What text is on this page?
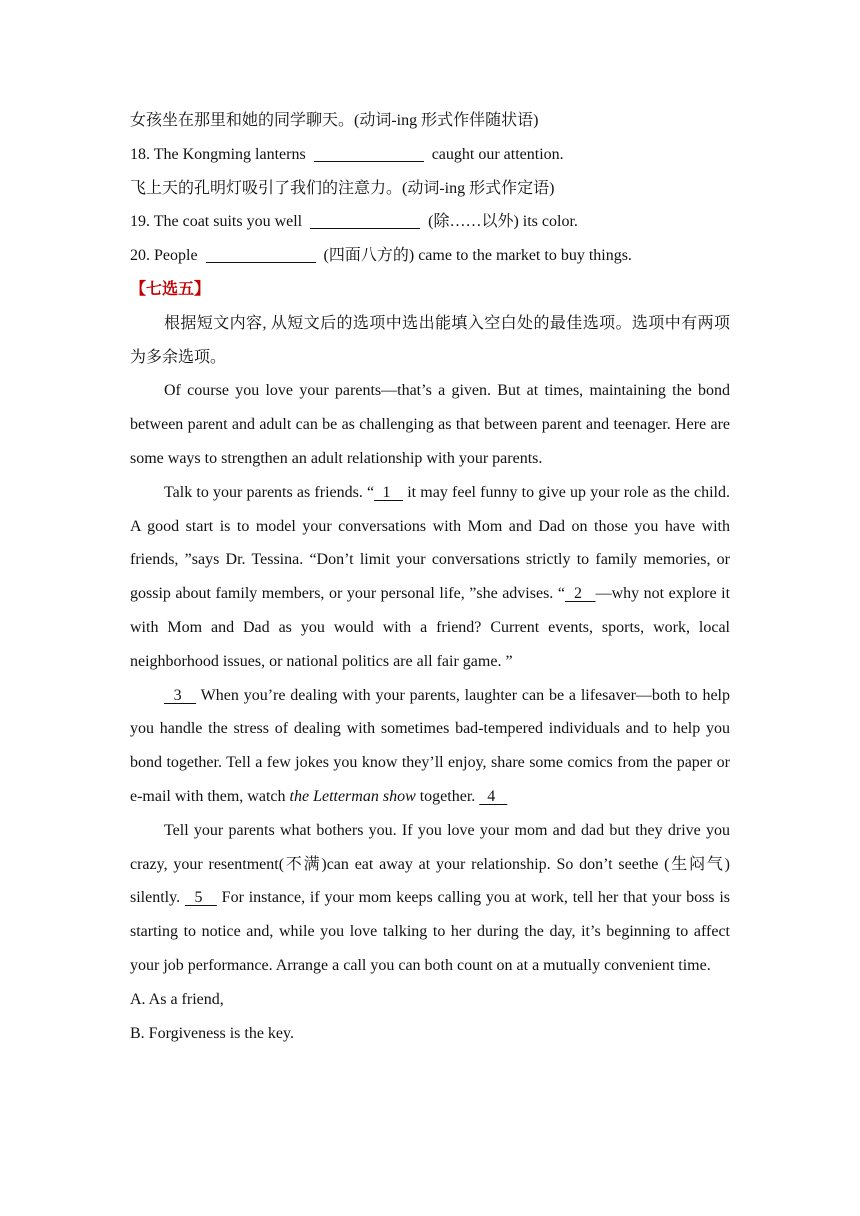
女孩坐在那里和她的同学聊天。(动词-ing 形式作伴随状语)
18. The Kongming lanterns	caught our attention.
飞上天的孔明灯吸引了我们的注意力。(动词-ing 形式作定语)
19. The coat suits you well	(除……以外) its color.
20. People	(四面八方的) came to the market to buy things.
【七选五】
根据短文内容, 从短文后的选项中选出能填入空白处的最佳选项。选项中有两项为多余选项。
Of course you love your parents—that’s a given. But at times, maintaining the bond between parent and adult can be as challenging as that between parent and teenager. Here are some ways to strengthen an adult relationship with your parents.
Talk to your parents as friends. “  1    it may feel funny to give up your role as the child. A good start is to model your conversations with Mom and Dad on those you have with friends, ”says Dr. Tessina. “Don’t limit your conversations strictly to family memories, or gossip about family members, or your personal life, ”she advises. “  2   —why not explore it with Mom and Dad as you would with a friend? Current events, sports, work, local neighborhood issues, or national politics are all fair game. ”
3    When you’re dealing with your parents, laughter can be a lifesaver—both to help you handle the stress of dealing with sometimes bad-tempered individuals and to help you bond together. Tell a few jokes you know they’ll enjoy, share some comics from the paper or e-mail with them, watch the Letterman show together.   4
Tell your parents what bothers you. If you love your mom and dad but they drive you crazy, your resentment(不满)can eat away at your relationship. So don’t seethe (生闷气) silently.   5    For instance, if your mom keeps calling you at work, tell her that your boss is starting to notice and, while you love talking to her during the day, it’s beginning to affect your job performance. Arrange a call you can both count on at a mutually convenient time.
A. As a friend,
B. Forgiveness is the key.
